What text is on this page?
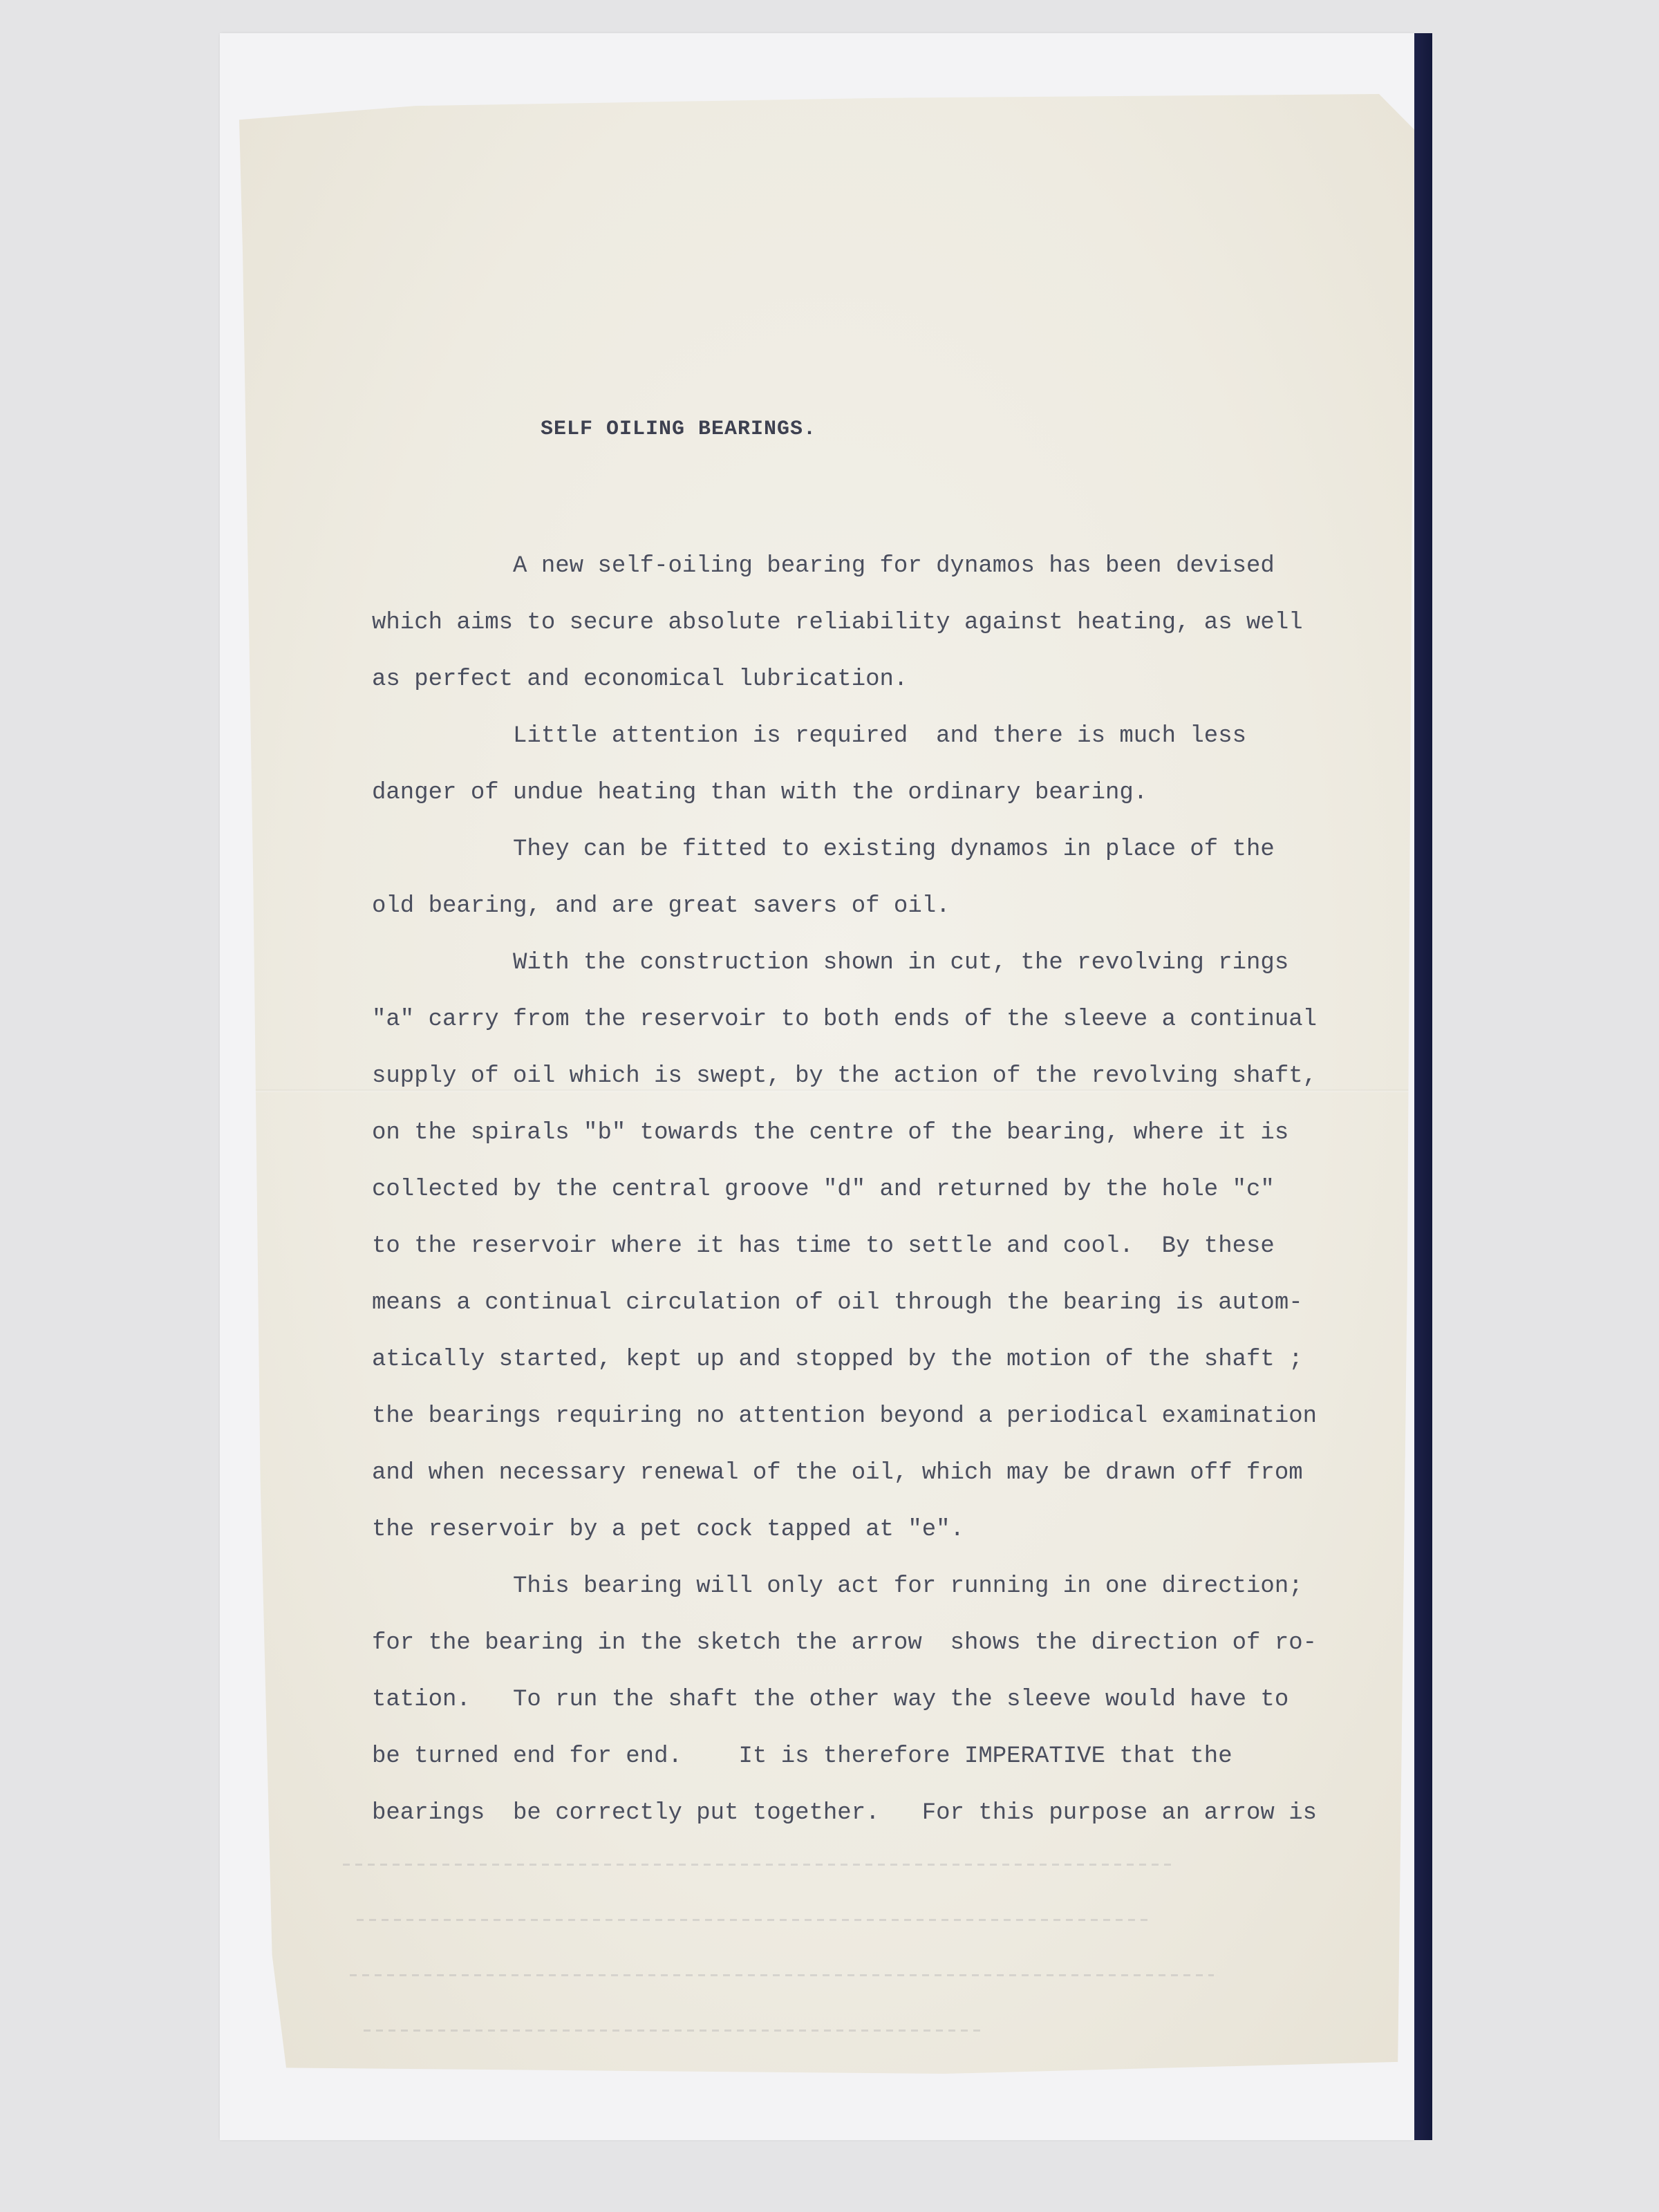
SELF OILING BEARINGS.
A new self-oiling bearing for dynamos has been devised
which aims to secure absolute reliability against heating, as well
as perfect and economical lubrication.
Little attention is required  and there is much less
danger of undue heating than with the ordinary bearing.
They can be fitted to existing dynamos in place of the
old bearing, and are great savers of oil.
With the construction shown in cut, the revolving rings
"a" carry from the reservoir to both ends of the sleeve a continual
supply of oil which is swept, by the action of the revolving shaft,
on the spirals "b" towards the centre of the bearing, where it is
collected by the central groove "d" and returned by the hole "c"
to the reservoir where it has time to settle and cool.  By these
means a continual circulation of oil through the bearing is autom-
atically started, kept up and stopped by the motion of the shaft ;
the bearings requiring no attention beyond a periodical examination
and when necessary renewal of the oil, which may be drawn off from
the reservoir by a pet cock tapped at "e".
This bearing will only act for running in one direction;
for the bearing in the sketch the arrow  shows the direction of ro-
tation.   To run the shaft the other way the sleeve would have to
be turned end for end.    It is therefore IMPERATIVE that the
bearings  be correctly put together.   For this purpose an arrow is
